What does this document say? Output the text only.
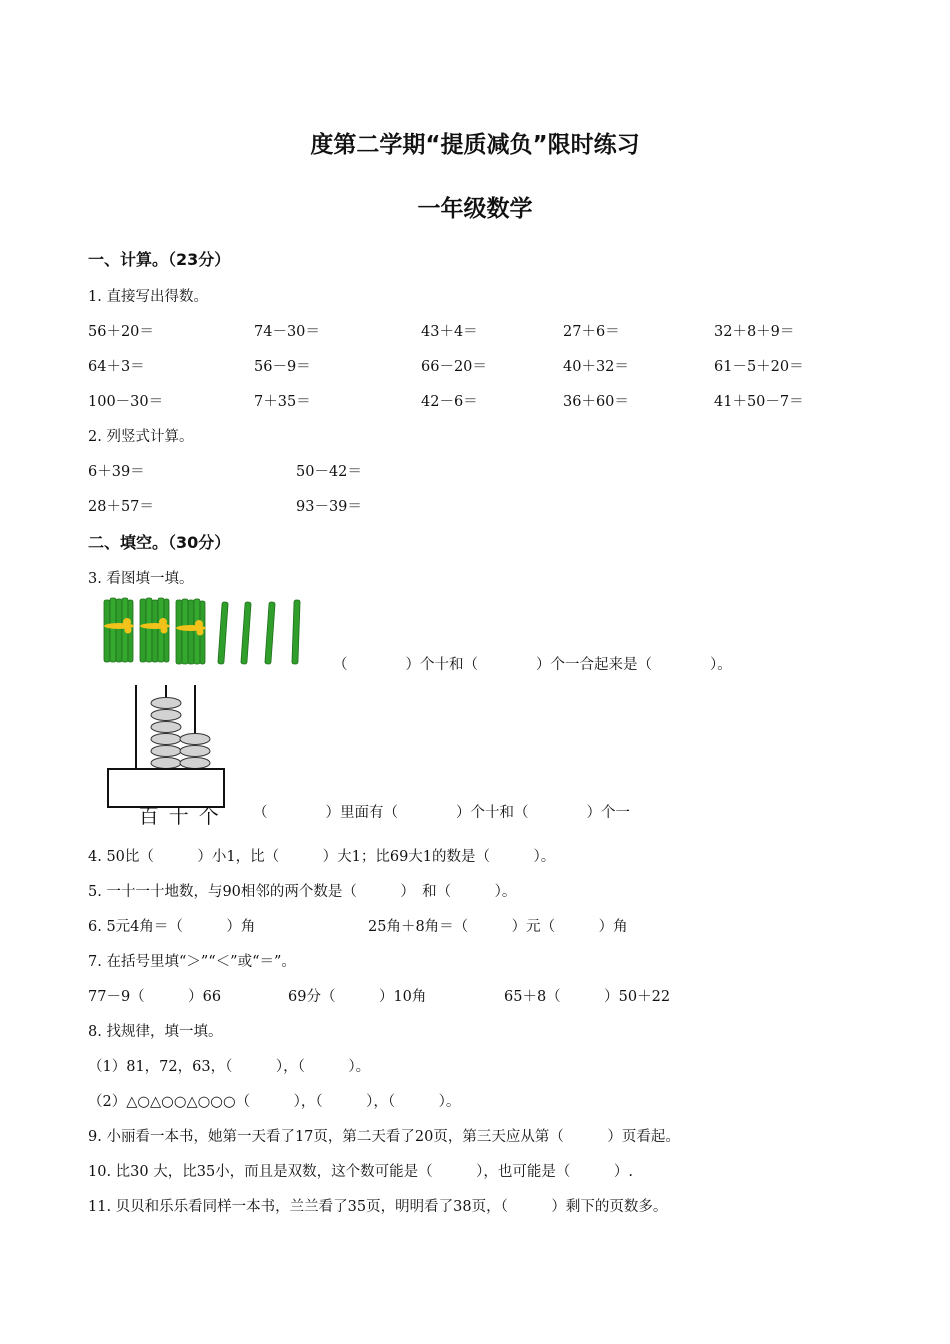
度第二学期“提质减负”限时练习
一年级数学
一、计算。（23分）
1. 直接写出得数。
56＋20＝	74－30＝	43＋4＝	27＋6＝	32＋8＋9＝
64＋3＝	56－9＝	66－20＝	40＋32＝	61－5＋20＝
100－30＝	7＋35＝	42－6＝	36＋60＝	41＋50－7＝
2. 列竖式计算。
6＋39＝	50－42＝
28＋57＝	93－39＝
二、填空。（30分）
3. 看图填一填。
（　　　　）个十和（　　　　）个一合起来是（　　　　）。

百 十 个 （　　　　）里面有（　　　　）个十和（　　　　）个一
4. 50比（　　　）小1，比（　　　）大1；比69大1的数是（　　　）。
5. 一十一十地数，与90相邻的两个数是（　　　）　和（　　　）。
6. 5元4角＝（　　　）角	25角＋8角＝（　　　）元（　　　）角
7. 在括号里填“＞”“＜”或“＝”。
77－9（　　　）66	69分（　　　）10角	65＋8（　　　）50＋22
8. 找规律，填一填。
（1）81，72，63，（　　　），（　　　）。
（2）△○△○○△○○○（　　　），（　　　），（　　　）。
9. 小丽看一本书，她第一天看了17页，第二天看了20页，第三天应从第（　　　）页看起。
10. 比30 大，比35小，而且是双数，这个数可能是（　　　），也可能是（　　　）.
11. 贝贝和乐乐看同样一本书，兰兰看了35页，明明看了38页，（　　　）剩下的页数多。
